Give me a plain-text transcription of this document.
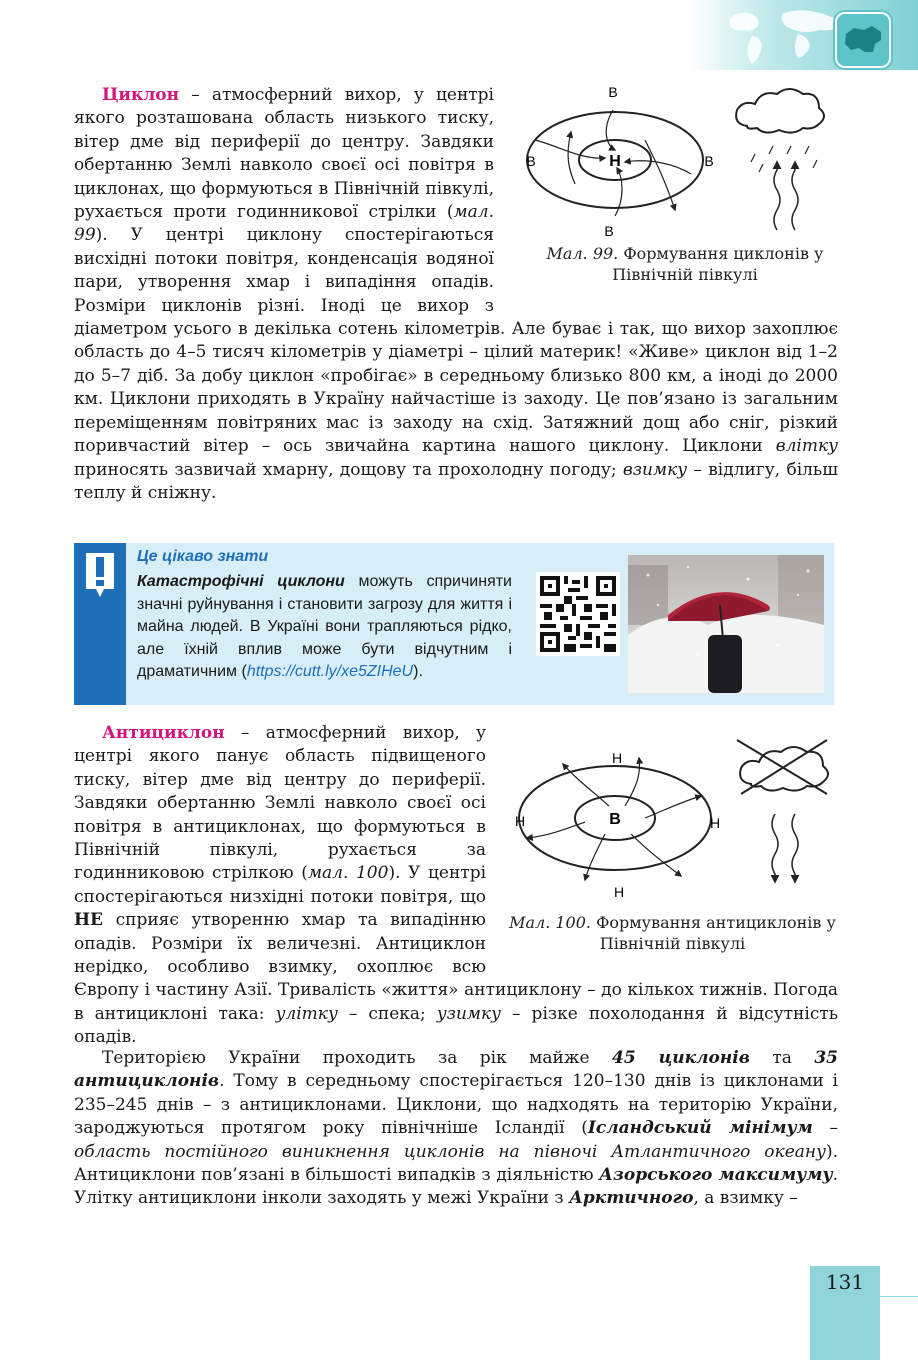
Н
В
В	В
В
Мал. 99. Формування циклонів у Північній півкулі
Циклон – атмосферний вихор, у центрі якого розташована область низького тиску, вітер дме від периферії до центру. Завдяки обертанню Землі навколо своєї осі повітря в циклонах, що формуються в Північній півкулі, рухається проти годинникової стрілки (мал. 99). У центрі циклону спостерігаються висхідні потоки повітря, конденсація водяної пари, утворення хмар і випадіння опадів. Розміри циклонів різні. Іноді це вихор з діаметром усього в декілька сотень кілометрів. Але буває і так, що вихор захоплює область до 4–5 тисяч кілометрів у діаметрі – цілий материк! «Живе» циклон від 1–2 до 5–7 діб. За добу циклон «пробігає» в середньому близько 800 км, а іноді до 2000 км. Циклони приходять в Україну найчастіше із заходу. Це пов’язано із загальним переміщенням повітряних мас із заходу на схід. Затяжний дощ або сніг, різкий поривчастий вітер – ось звичайна картина нашого циклону. Циклони влітку приносять зазвичай хмарну, дощову та прохолодну погоду; взимку – відлигу, більш теплу й сніжну.
Це цікаво знати
Катастрофічні циклони можуть спричиняти значні руйнування і становити загрозу для життя і майна людей. В Україні вони трапляються рідко, але їхній вплив може бути відчутним і драматичним (https://cutt.ly/xe5ZIHeU).
В
Н
Н	Н
Н
Мал. 100. Формування антициклонів у Північній півкулі
Антициклон – атмосферний вихор, у центрі якого панує область підвищеного тиску, вітер дме від центру до периферії. Завдяки обертанню Землі навколо своєї осі повітря в антициклонах, що формуються в Північній півкулі, рухається за годинниковою стрілкою (мал. 100). У центрі спостерігаються низхідні потоки повітря, що НЕ сприяє утворенню хмар та випадінню опадів. Розміри їх величезні. Антициклон нерідко, особливо взимку, охоплює всю Європу і частину Азії. Тривалість «життя» антициклону – до кількох тижнів. Погода в антициклоні така: улітку – спека; узимку – різке похолодання й відсутність опадів.
Територією України проходить за рік майже 45 циклонів та 35 антициклонів. Тому в середньому спостерігається 120–130 днів із циклонами і 235–245 днів – з антициклонами. Циклони, що надходять на територію України, зароджуються протягом року північніше Ісландії (Ісландський мінімум – область постійного виникнення циклонів на півночі Атлантичного океану). Антициклони пов’язані в більшості випадків з діяльністю Азорського максимуму. Улітку антициклони інколи заходять у межі України з Арктичного, а взимку –
131
